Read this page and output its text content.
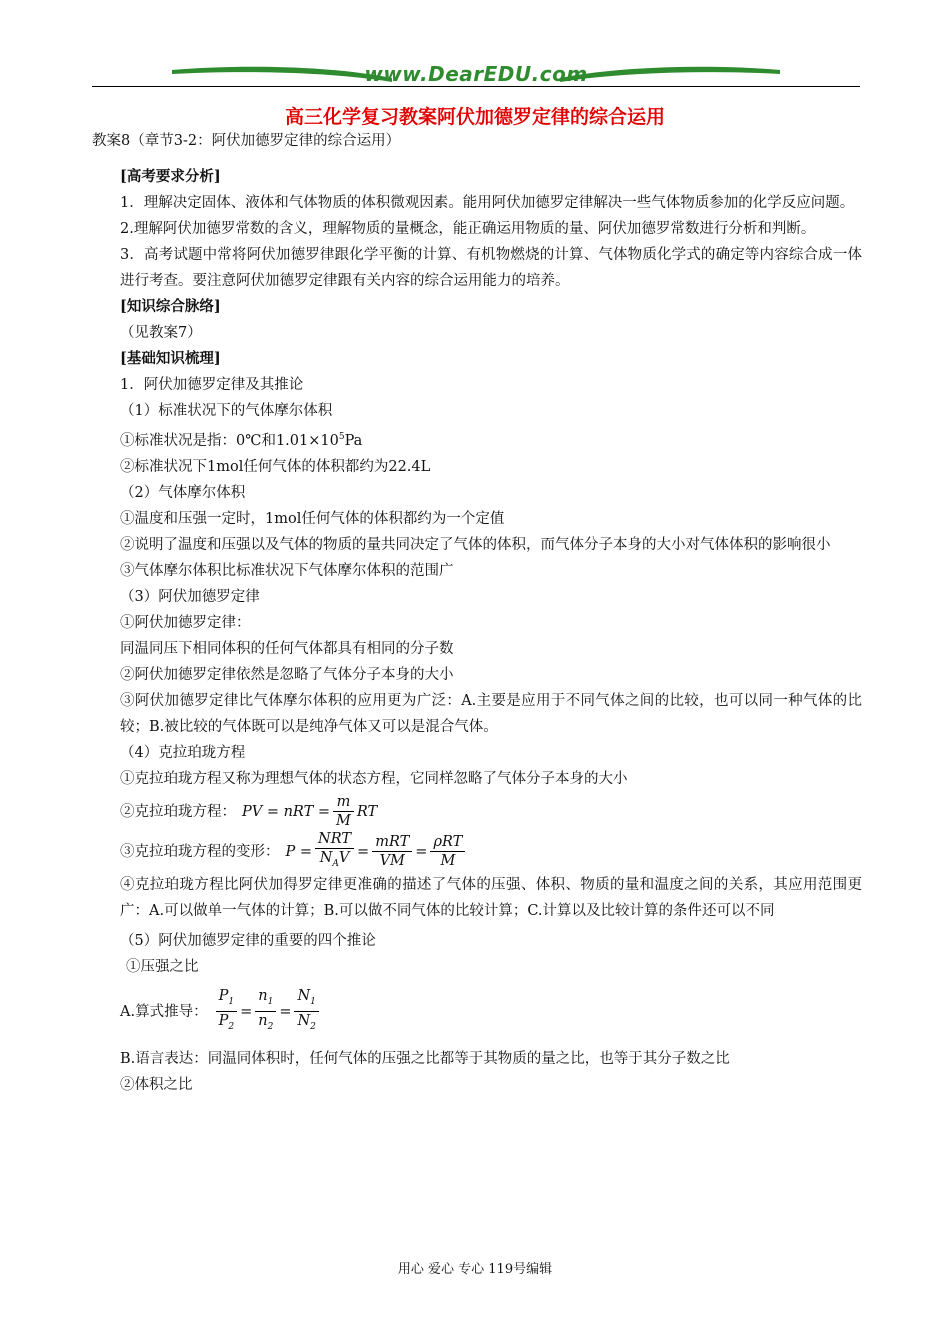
www.DearEDU.com
高三化学复习教案阿伏加德罗定律的综合运用

教案8（章节3-2：阿伏加德罗定律的综合运用）

[高考要求分析]

1．理解决定固体、液体和气体物质的体积微观因素。能用阿伏加德罗定律解决一些气体物质参加的化学反应问题。

2.理解阿伏加德罗常数的含义，理解物质的量概念，能正确运用物质的量、阿伏加德罗常数进行分析和判断。

3．高考试题中常将阿伏加德罗律跟化学平衡的计算、有机物燃烧的计算、气体物质化学式的确定等内容综合成一体进行考查。要注意阿伏加德罗定律跟有关内容的综合运用能力的培养。

[知识综合脉络]

（见教案7）

[基础知识梳理]

1．阿伏加德罗定律及其推论

（1）标准状况下的气体摩尔体积

①标准状况是指：0℃和$1.01\times 10^5Pa$

②标准状况下1mol任何气体的体积都约为22.4L

（2）气体摩尔体积

①温度和压强一定时，1mol任何气体的体积都约为一个定值

②说明了温度和压强以及气体的物质的量共同决定了气体的体积，而气体分子本身的大小对气体体积的影响很小

③气体摩尔体积比标准状况下气体摩尔体积的范围广

（3）阿伏加德罗定律

①阿伏加德罗定律：

同温同压下相同体积的任何气体都具有相同的分子数

②阿伏加德罗定律依然是忽略了气体分子本身的大小

③阿伏加德罗定律比气体摩尔体积的应用更为广泛：A.主要是应用于不同气体之间的比较，也可以同一种气体的比较；B.被比较的气体既可以是纯净气体又可以是混合气体。

（4）克拉珀珑方程

①克拉珀珑方程又称为理想气体的状态方程，它同样忽略了气体分子本身的大小

②克拉珀珑方程： PV = nRT = $\frac{m}{M}$ RT
③克拉珀珑方程的变形： $P = \frac{\text{NRT}}{N_AV} = \frac{\text{mRT}}{VM} = \frac{\text{ρRT}}{M}$

④克拉珀珑方程比阿伏加得罗定律更准确的描述了气体的压强、体积、物质的量和温度之间的关系，其应用范围更广：A.可以做单一气体的计算；B.可以做不同气体的比较计算；C.计算以及比较计算的条件还可以不同

（5）阿伏加德罗定律的重要的四个推论

①压强之比

A.算式推导： $\frac{P_1}{P_2} = \frac{n_1}{n_2} = \frac{N_1}{N_2}$

B.语言表达：同温同体积时，任何气体的压强之比都等于其物质的量之比，也等于其分子数之比

②体积之比

用心 爱心 专心 119号编辑
